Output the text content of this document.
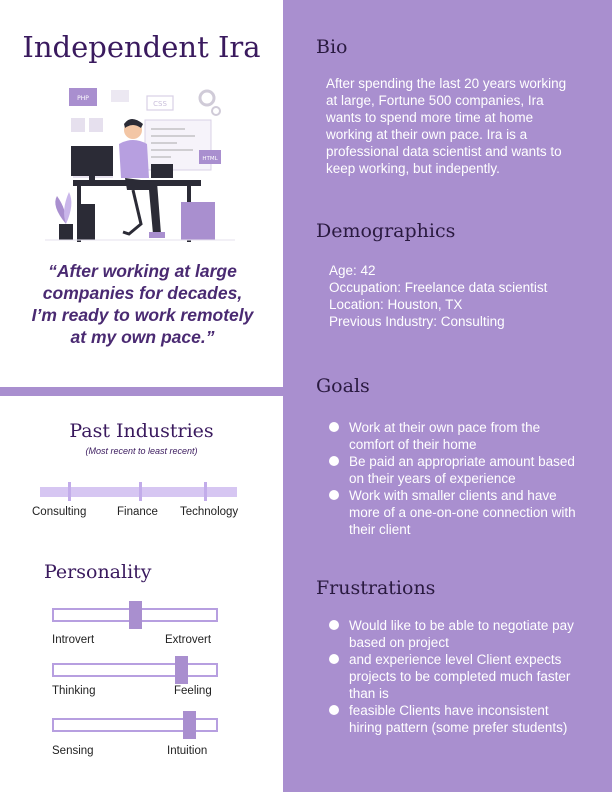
Independent Ira
PHP
CSS
HTML
“After working at large companies for decades, I’m ready to work remotely at my own pace.”
Past Industries
(Most recent to least recent)
Consulting	Finance Technology
Personality
Introvert	Extrovert
Thinking	Feeling
Sensing	Intuition
Bio
After spending the last 20 years working at large, Fortune 500 companies, Ira wants to spend more time at home working at their own pace. Ira is a professional data scientist and wants to keep working, but indepently.
Demographics
Age: 42
Occupation: Freelance data scientist
Location: Houston, TX
Previous Industry: Consulting
Goals
Work at their own pace from the comfort of their home
Be paid an appropriate amount based on their years of experience
Work with smaller clients and have more of a one-on-one connection with their client
Frustrations
Would like to be able to negotiate pay based on project
and experience level Client expects projects to be completed much faster than is
feasible Clients have inconsistent hiring pattern (some prefer students)
